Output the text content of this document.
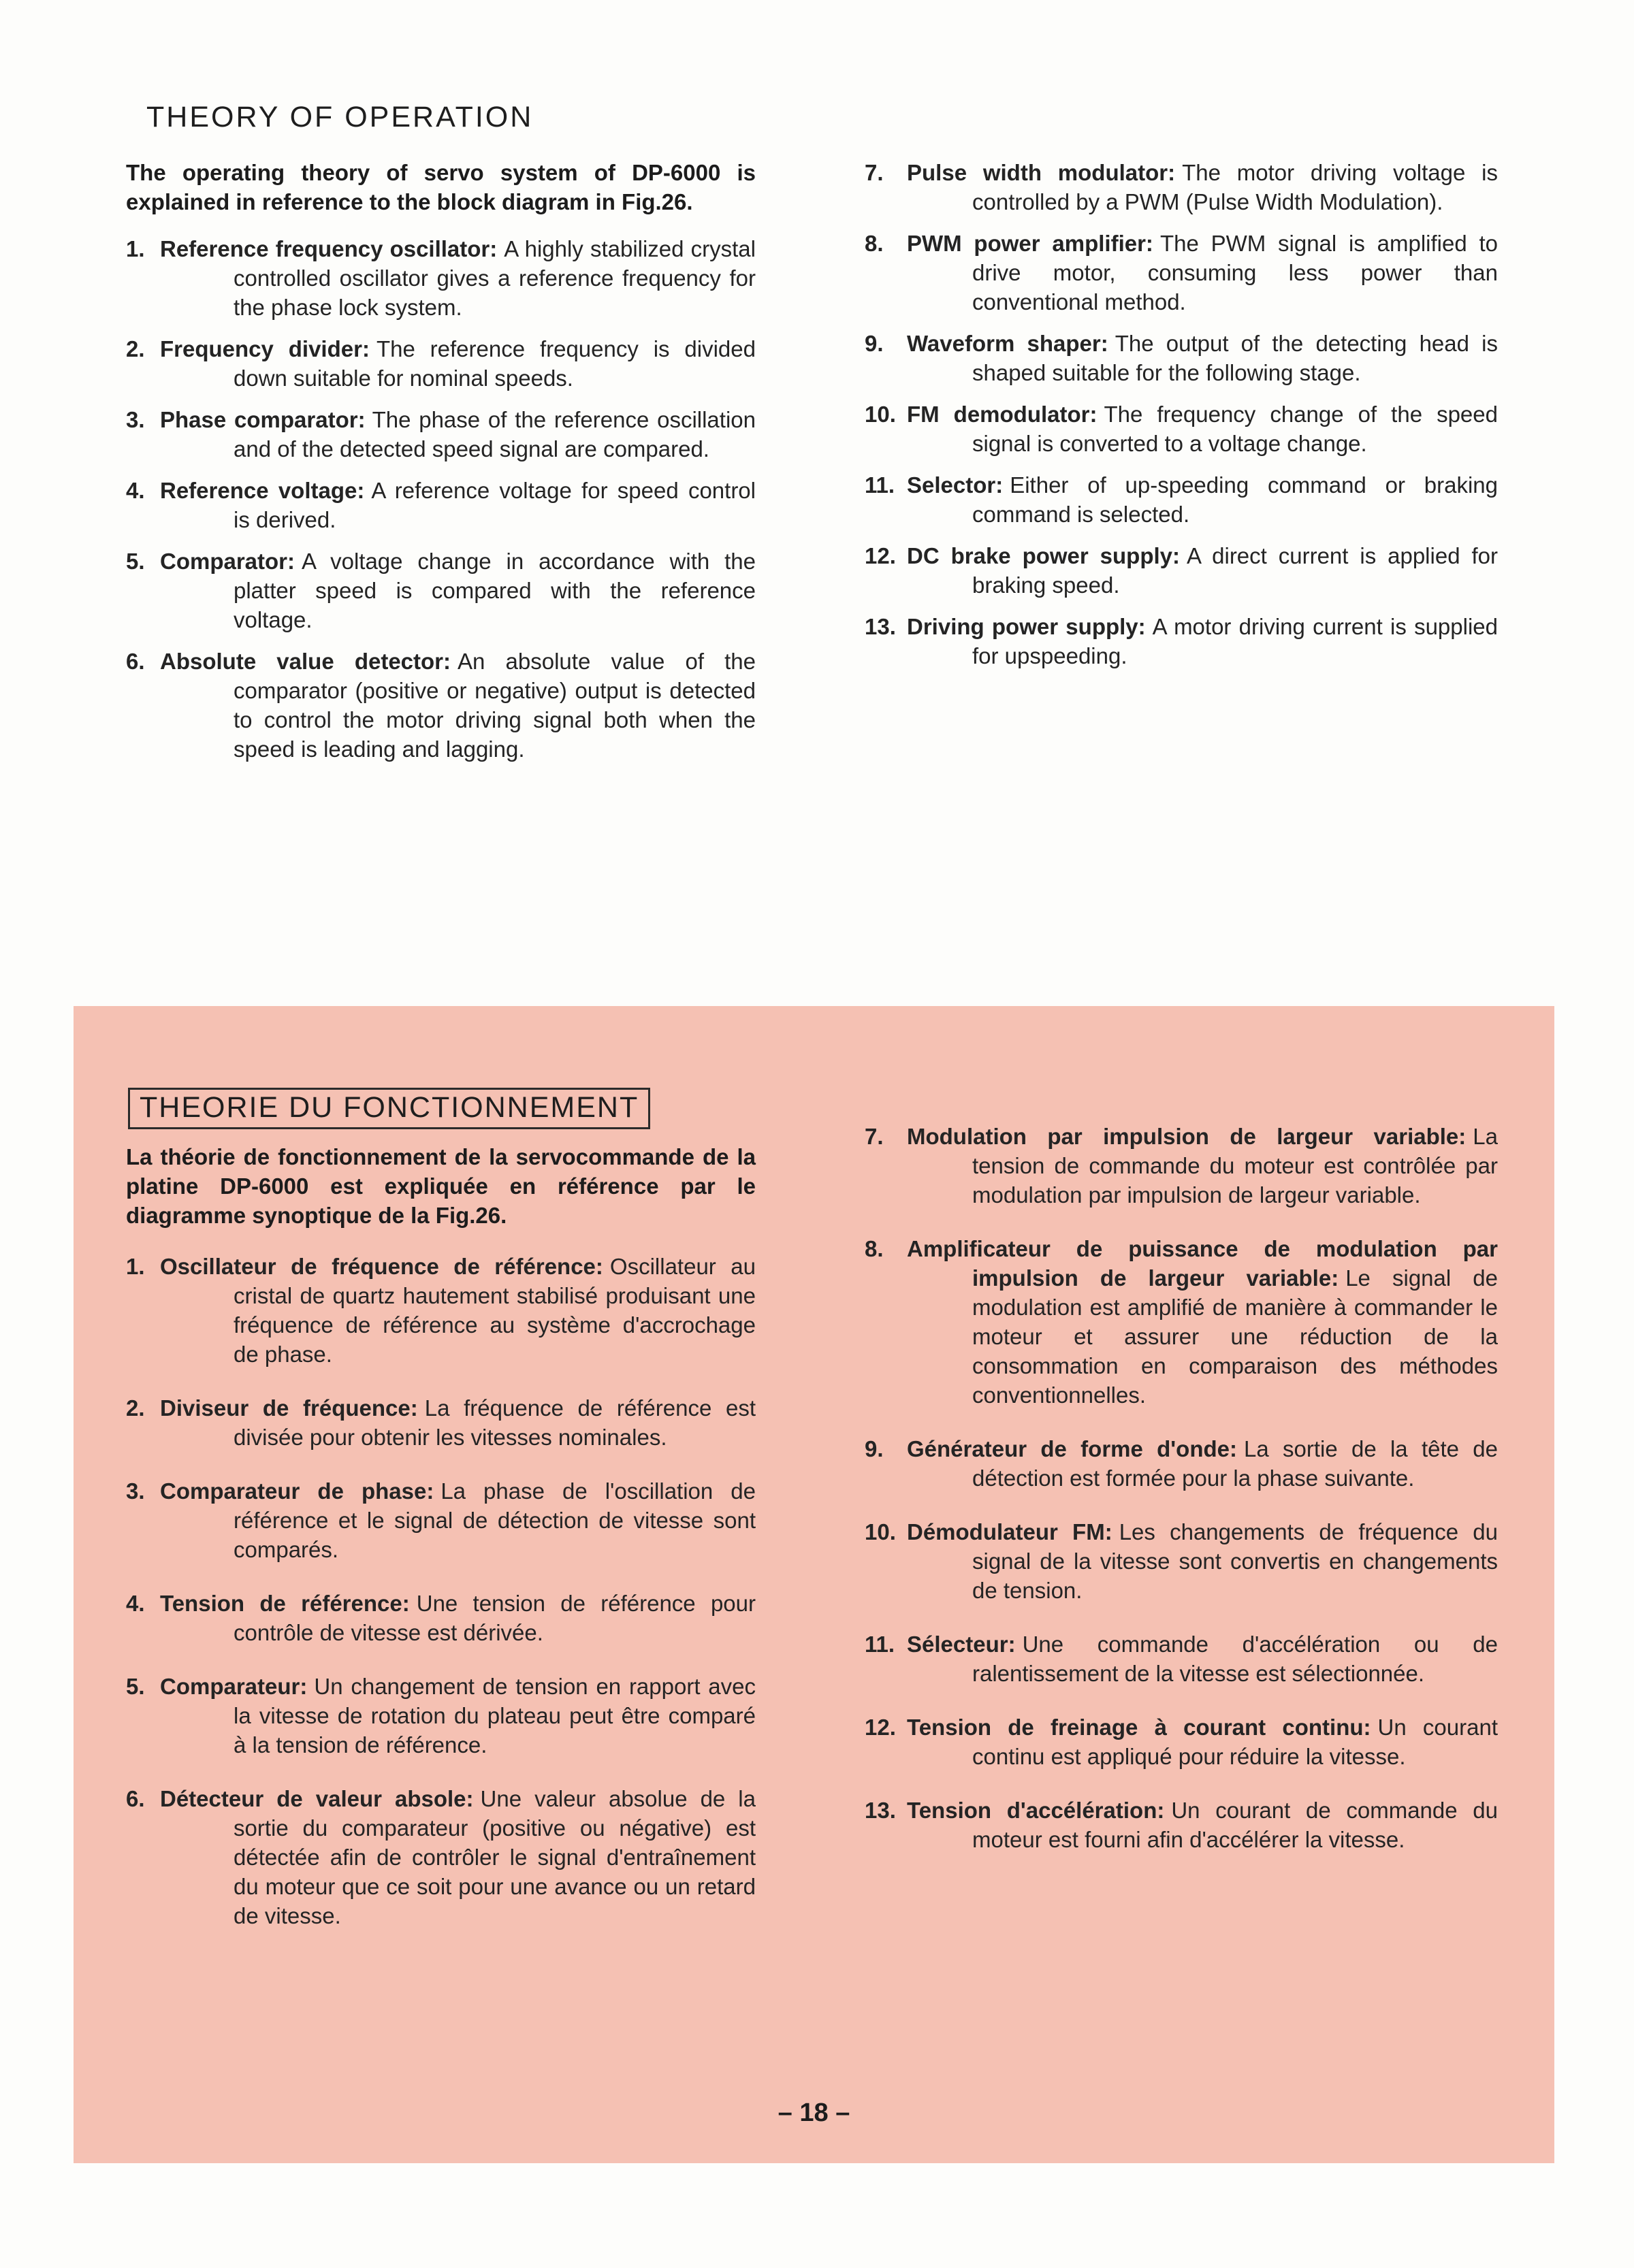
THEORY OF OPERATION

The operating theory of servo system of DP-6000 is explained in reference to the block diagram in Fig.26.

1. Reference frequency oscillator: A highly stabilized crystal controlled oscillator gives a reference frequency for the phase lock system.
2. Frequency divider: The reference frequency is divided down suitable for nominal speeds.
3. Phase comparator: The phase of the reference oscillation and of the detected speed signal are compared.
4. Reference voltage: A reference voltage for speed control is derived.
5. Comparator: A voltage change in accordance with the platter speed is compared with the reference voltage.
6. Absolute value detector: An absolute value of the comparator (positive or negative) output is detected to control the motor driving signal both when the speed is leading and lagging.
7. Pulse width modulator: The motor driving voltage is controlled by a PWM (Pulse Width Modulation).
8. PWM power amplifier: The PWM signal is amplified to drive motor, consuming less power than conventional method.
9. Waveform shaper: The output of the detecting head is shaped suitable for the following stage.
10. FM demodulator: The frequency change of the speed signal is converted to a voltage change.
11. Selector: Either of up-speeding command or braking command is selected.
12. DC brake power supply: A direct current is applied for braking speed.
13. Driving power supply: A motor driving current is supplied for upspeeding.
THEORIE DU FONCTIONNEMENT

La théorie de fonctionnement de la servocommande de la platine DP-6000 est expliquée en référence par le diagramme synoptique de la Fig.26.

1. Oscillateur de fréquence de référence: Oscillateur au cristal de quartz hautement stabilisé produisant une fréquence de référence au système d'accrochage de phase.
2. Diviseur de fréquence: La fréquence de référence est divisée pour obtenir les vitesses nominales.
3. Comparateur de phase: La phase de l'oscillation de référence et le signal de détection de vitesse sont comparés.
4. Tension de référence: Une tension de référence pour contrôle de vitesse est dérivée.
5. Comparateur: Un changement de tension en rapport avec la vitesse de rotation du plateau peut être comparé à la tension de référence.
6. Détecteur de valeur absole: Une valeur absolue de la sortie du comparateur (positive ou négative) est détectée afin de contrôler le signal d'entraînement du moteur que ce soit pour une avance ou un retard de vitesse.
7. Modulation par impulsion de largeur variable: La tension de commande du moteur est contrôlée par modulation par impulsion de largeur variable.
8. Amplificateur de puissance de modulation par impulsion de largeur variable: Le signal de modulation est amplifié de manière à commander le moteur et assurer une réduction de la consommation en comparaison des méthodes conventionnelles.
9. Générateur de forme d'onde: La sortie de la tête de détection est formée pour la phase suivante.
10. Démodulateur FM: Les changements de fréquence du signal de la vitesse sont convertis en changements de tension.
11. Sélecteur: Une commande d'accélération ou de ralentissement de la vitesse est sélectionnée.
12. Tension de freinage à courant continu: Un courant continu est appliqué pour réduire la vitesse.
13. Tension d'accélération: Un courant de commande du moteur est fourni afin d'accélérer la vitesse.
– 18 –
